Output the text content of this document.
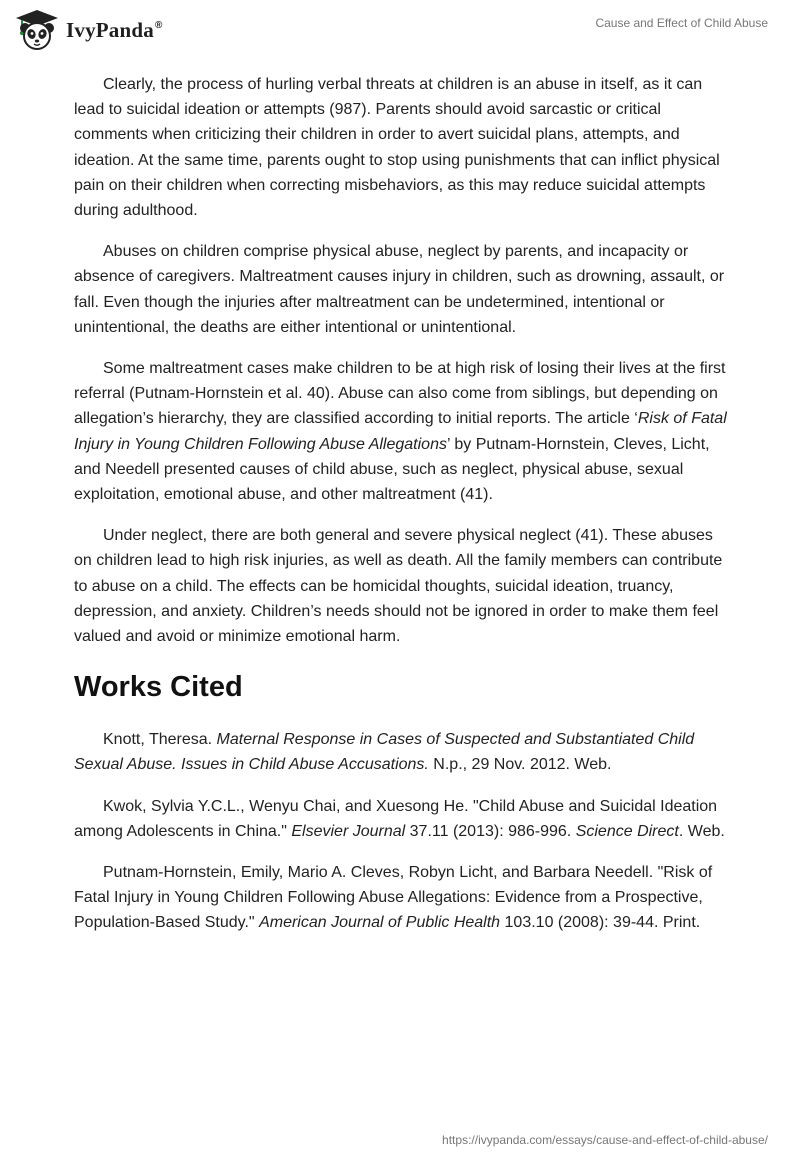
IvyPanda®	Cause and Effect of Child Abuse

Clearly, the process of hurling verbal threats at children is an abuse in itself, as it can lead to suicidal ideation or attempts (987). Parents should avoid sarcastic or critical comments when criticizing their children in order to avert suicidal plans, attempts, and ideation. At the same time, parents ought to stop using punishments that can inflict physical pain on their children when correcting misbehaviors, as this may reduce suicidal attempts during adulthood.

Abuses on children comprise physical abuse, neglect by parents, and incapacity or absence of caregivers. Maltreatment causes injury in children, such as drowning, assault, or fall. Even though the injuries after maltreatment can be undetermined, intentional or unintentional, the deaths are either intentional or unintentional.

Some maltreatment cases make children to be at high risk of losing their lives at the first referral (Putnam-Hornstein et al. 40). Abuse can also come from siblings, but depending on allegation’s hierarchy, they are classified according to initial reports. The article ‘Risk of Fatal Injury in Young Children Following Abuse Allegations’ by Putnam-Hornstein, Cleves, Licht, and Needell presented causes of child abuse, such as neglect, physical abuse, sexual exploitation, emotional abuse, and other maltreatment (41).

Under neglect, there are both general and severe physical neglect (41). These abuses on children lead to high risk injuries, as well as death. All the family members can contribute to abuse on a child. The effects can be homicidal thoughts, suicidal ideation, truancy, depression, and anxiety. Children’s needs should not be ignored in order to make them feel valued and avoid or minimize emotional harm.

Works Cited

Knott, Theresa. Maternal Response in Cases of Suspected and Substantiated Child Sexual Abuse. Issues in Child Abuse Accusations. N.p., 29 Nov. 2012. Web.

Kwok, Sylvia Y.C.L., Wenyu Chai, and Xuesong He. "Child Abuse and Suicidal Ideation among Adolescents in China." Elsevier Journal 37.11 (2013): 986-996. Science Direct. Web.

Putnam-Hornstein, Emily, Mario A. Cleves, Robyn Licht, and Barbara Needell. "Risk of Fatal Injury in Young Children Following Abuse Allegations: Evidence from a Prospective, Population-Based Study." American Journal of Public Health 103.10 (2008): 39-44. Print.

https://ivypanda.com/essays/cause-and-effect-of-child-abuse/
